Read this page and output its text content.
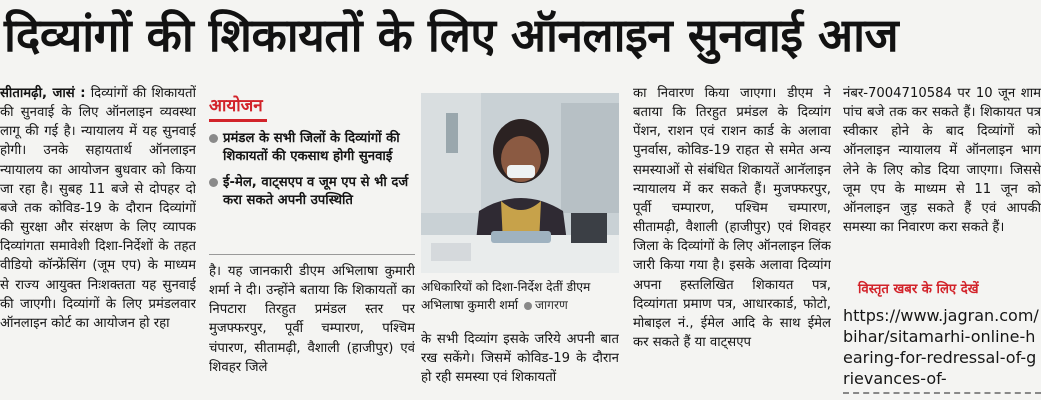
दिव्यांगों की शिकायतों के लिए ऑनलाइन सुनवाई आज
सीतामढ़ी, जासं : दिव्यांगों की शिकायतों की सुनवाई के लिए ऑनलाइन व्यवस्था लागू की गई है। न्यायालय में यह सुनवाई होगी। उनके सहायतार्थ ऑनलाइन न्यायालय का आयोजन बुधवार को किया जा रहा है। सुबह 11 बजे से दोपहर दो बजे तक कोविड-19 के दौरान दिव्यांगों की सुरक्षा और संरक्षण के लिए व्यापक दिव्यांगता समावेशी दिशा-निर्देशों के तहत वीडियो कॉन्फ्रेंसिंग (जूम एप) के माध्यम से राज्य आयुक्त निःशक्तता यह सुनवाई की जाएगी। दिव्यांगों के लिए प्रमंडलवार ऑनलाइन कोर्ट का आयोजन हो रहा
आयोजन
प्रमंडल के सभी जिलों के दिव्यांगों की शिकायतों की एकसाथ होगी सुनवाई
ई-मेल, वाट्सएप व जूम एप से भी दर्ज करा सकते अपनी उपस्थिति
है। यह जानकारी डीएम अभिलाषा कुमारी शर्मा ने दी। उन्होंने बताया कि शिकायतों का निपटारा तिरहुत प्रमंडल स्तर पर मुजफ्फरपुर, पूर्वी चम्पारण, पश्चिम चंपारण, सीतामढ़ी, वैशाली (हाजीपुर) एवं शिवहर जिले
अधिकारियों को दिशा-निर्देश देतीं डीएम अभिलाषा कुमारी शर्मा जागरण
के सभी दिव्यांग इसके जरिये अपनी बात रख सकेंगे। जिसमें कोविड-19 के दौरान हो रही समस्या एवं शिकायतों
का निवारण किया जाएगा। डीएम ने बताया कि तिरहुत प्रमंडल के दिव्यांग पेंशन, राशन एवं राशन कार्ड के अलावा पुनर्वास, कोविड-19 राहत से समेत अन्य समस्याओं से संबंधित शिकायतें आनॅलाइन न्यायालय में कर सकते हैं। मुजफ्फरपुर, पूर्वी चम्पारण, पश्चिम चम्पारण, सीतामढ़ी, वैशाली (हाजीपुर) एवं शिवहर जिला के दिव्यांगों के लिए ऑनलाइन लिंक जारी किया गया है। इसके अलावा दिव्यांग अपना हस्तलिखित शिकायत पत्र, दिव्यांगता प्रमाण पत्र, आधारकार्ड, फोटो, मोबाइल नं., ईमेल आदि के साथ ईमेल कर सकते हैं या वाट्सएप
नंबर-7004710584 पर 10 जून शाम पांच बजे तक कर सकते हैं। शिकायत पत्र स्वीकार होने के बाद दिव्यांगों को ऑनलाइन न्यायालय में ऑनलाइन भाग लेने के लिए कोड दिया जाएगा। जिससे जूम एप के माध्यम से 11 जून को ऑनलाइन जुड़ सकते हैं एवं आपकी समस्या का निवारण करा सकते हैं।
विस्तृत खबर के लिए देखें
https://www.jagran.com/bihar/sitamarhi-online-hearing-for-redressal-of-grievances-of-
